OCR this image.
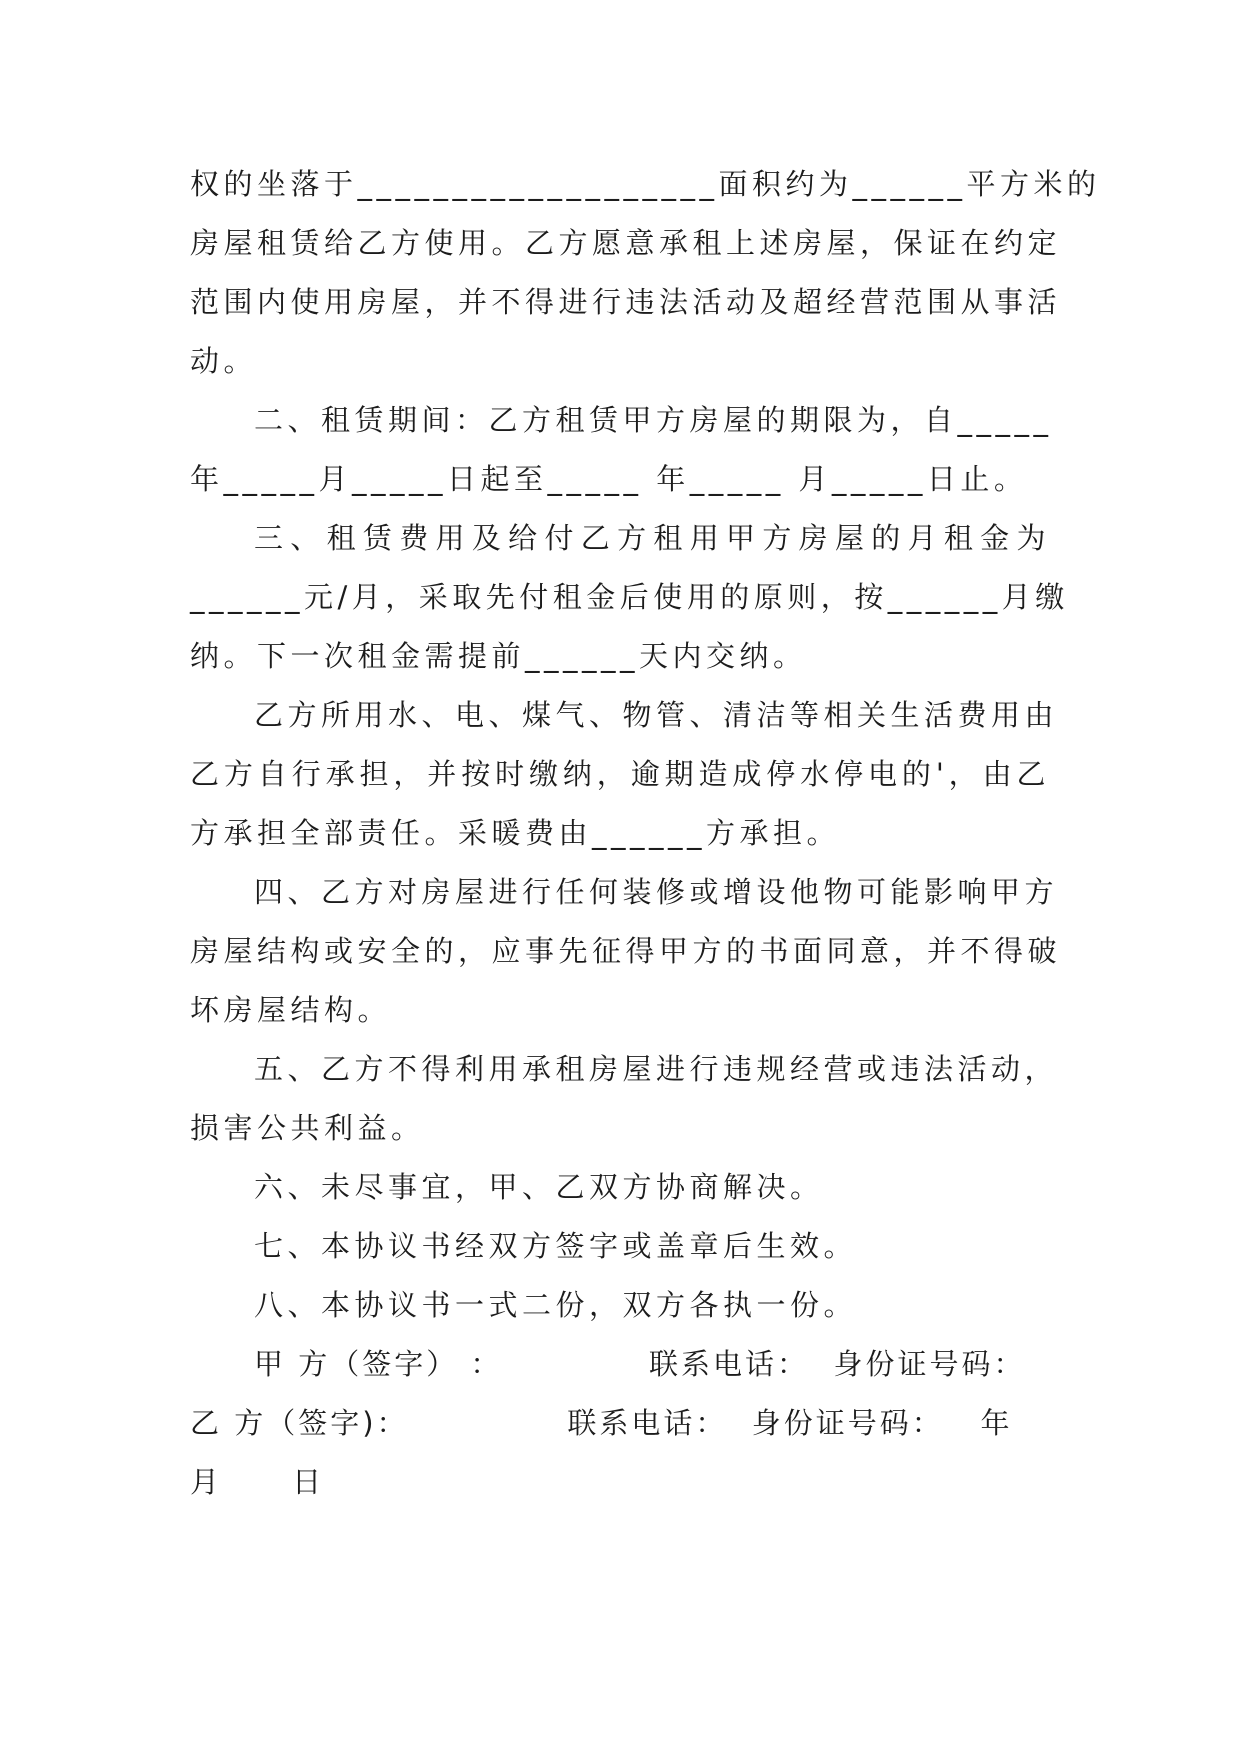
权的坐落于___________________面积约为______平方米的
房屋租赁给乙方使用。乙方愿意承租上述房屋，保证在约定
范围内使用房屋，并不得进行违法活动及超经营范围从事活
动。
二、租赁期间：乙方租赁甲方房屋的期限为，自_____
年_____月_____日起至_____ 年_____ 月_____日止。
三、租赁费用及给付乙方租用甲方房屋的月租金为
______元/月，采取先付租金后使用的原则，按______月缴
纳。下一次租金需提前______天内交纳。
乙方所用水、电、煤气、物管、清洁等相关生活费用由
乙方自行承担，并按时缴纳，逾期造成停水停电的'，由乙
方承担全部责任。采暖费由______方承担。
四、乙方对房屋进行任何装修或增设他物可能影响甲方
房屋结构或安全的，应事先征得甲方的书面同意，并不得破
坏房屋结构。
五、乙方不得利用承租房屋进行违规经营或违法活动，
损害公共利益。
六、未尽事宜，甲、乙双方协商解决。
七、本协议书经双方签字或盖章后生效。
八、本协议书一式二份，双方各执一份。
甲 方（签字） ：            联系电话：  身份证号码：
乙 方（签字)：             联系电话：  身份证号码：   年
月     日
